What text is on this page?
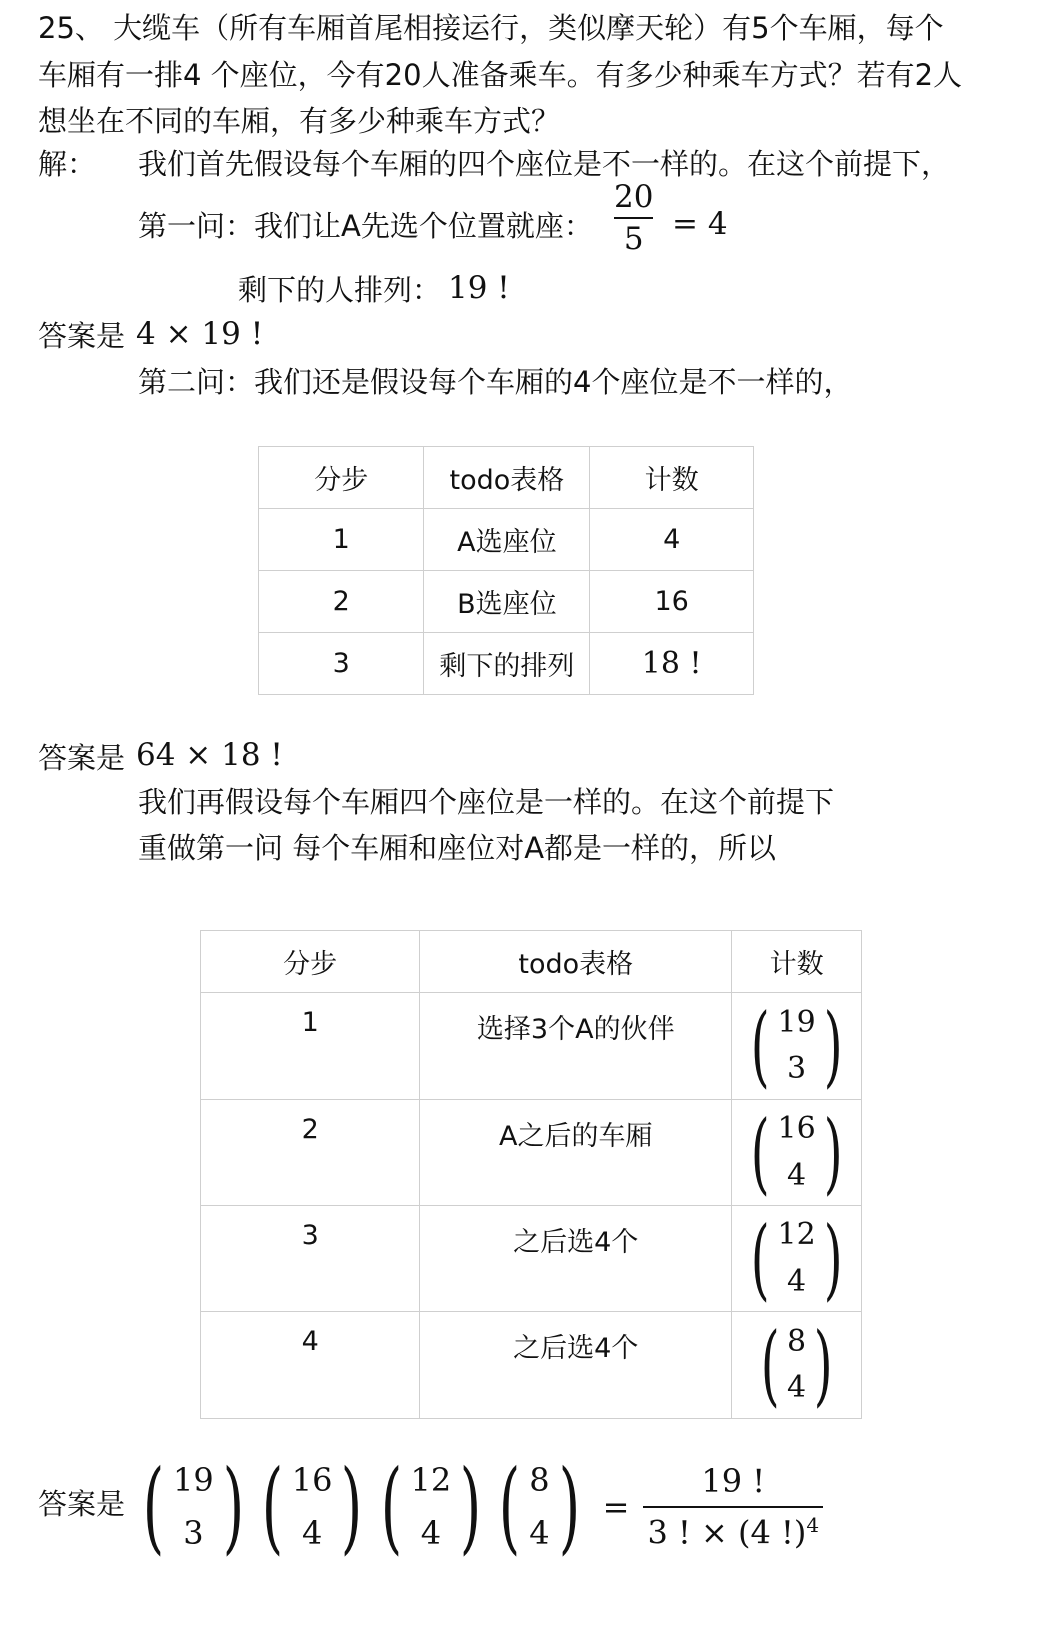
25、 大缆车（所有车厢首尾相接运行，类似摩天轮）有5个车厢，每个
车厢有一排4 个座位，今有20人准备乘车。有多少种乘车方式？若有2人
想坐在不同的车厢，有多少种乘车方式？
解： 我们首先假设每个车厢的四个座位是不一样的。在这个前提下，
第一问：我们让A先选个位置就座：
20
5 = 4
剩下的人排列： 19 !
答案是 4 × 19 !
第二问：我们还是假设每个车厢的4个座位是不一样的，
分步	todo表格	计数
1	A选座位	4
2	B选座位	16
3	剩下的排列	18 !
答案是 64 × 18 !
我们再假设每个车厢四个座位是一样的。在这个前提下
重做第一问 每个车厢和座位对A都是一样的，所以
分步	todo表格	计数
1	选择3个A的伙伴	( 19
3 )

2	A之后的车厢	( 16
4 )

3	之后选4个	( 12
4 )

4	之后选4个	( 8
4 )
答案是 ( 19
3 ) ( 16
4 ) ( 12
4 ) ( 8
4 ) =
19 !
3 ! × (4 !)$^4$
